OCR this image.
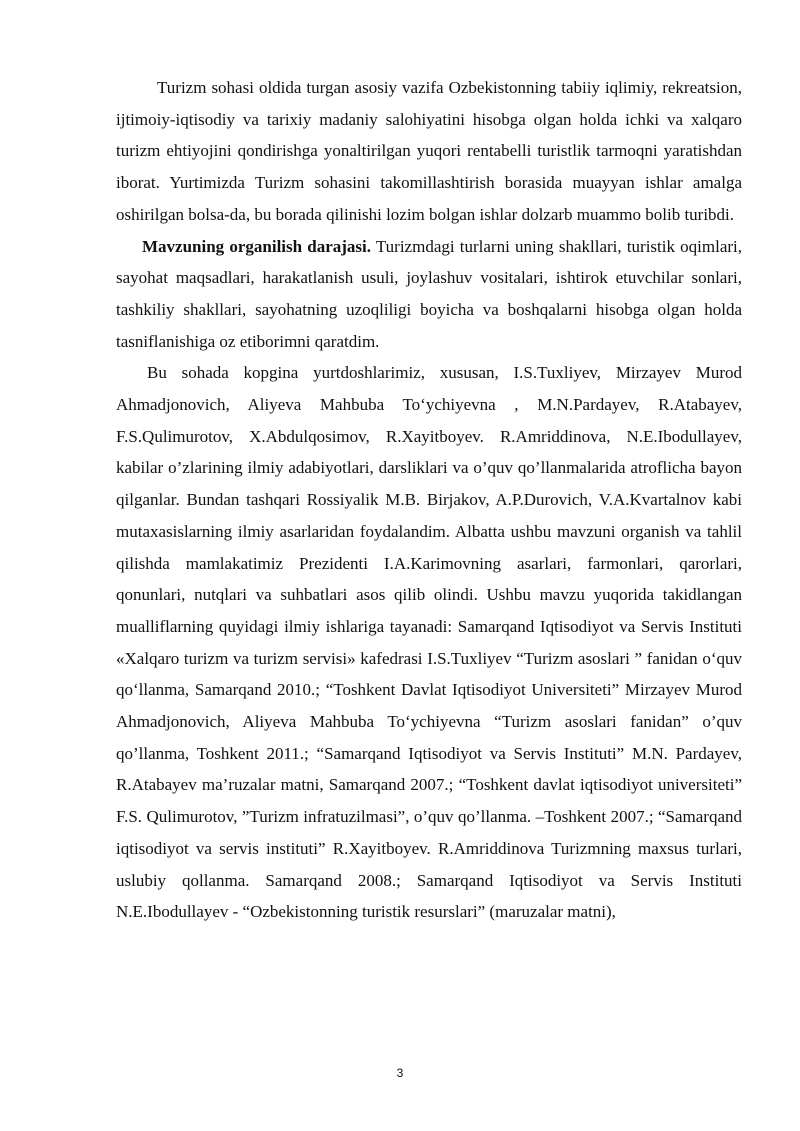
Turizm sohasi oldida turgan asosiy vazifa Ozbekistonning tabiiy iqlimiy, rekreatsion, ijtimoiy-iqtisodiy va tarixiy madaniy salohiyatini hisobga olgan holda ichki va xalqaro turizm ehtiyojini qondirishga yonaltirilgan yuqori rentabelli turistlik tarmoqni yaratishdan iborat. Yurtimizda Turizm sohasini takomillashtirish borasida muayyan ishlar amalga oshirilgan bolsa-da, bu borada qilinishi lozim bolgan ishlar dolzarb muammo bolib turibdi.

Mavzuning organilish darajasi. Turizmdagi turlarni uning shakllari, turistik oqimlari, sayohat maqsadlari, harakatlanish usuli, joylashuv vositalari, ishtirok etuvchilar sonlari, tashkiliy shakllari, sayohatning uzoqliligi boyicha va boshqalarni hisobga olgan holda tasniflanishiga oz etiborimni qaratdim.

Bu sohada kopgina yurtdoshlarimiz, xususan, I.S.Tuxliyev, Mirzayev Murod Ahmadjonovich, Aliyeva Mahbuba To‘ychiyevna , M.N.Pardayev, R.Atabayev, F.S.Qulimurotov, X.Abdulqosimov, R.Xayitboyev. R.Amriddinova, N.E.Ibodullayev, kabilar o’zlarining ilmiy adabiyotlari, darsliklari va o’quv qo’llanmalarida atroflicha bayon qilganlar. Bundan tashqari Rossiyalik M.B. Birjakov, A.P.Durovich, V.A.Kvartalnov kabi mutaxasislarning ilmiy asarlaridan foydalandim. Albatta ushbu mavzuni organish va tahlil qilishda mamlakatimiz Prezidenti I.A.Karimovning asarlari, farmonlari, qarorlari, qonunlari, nutqlari va suhbatlari asos qilib olindi. Ushbu mavzu yuqorida takidlangan mualliflarning quyidagi ilmiy ishlariga tayanadi: Samarqand Iqtisodiyot va Servis Instituti «Xalqaro turizm va turizm servisi» kafedrasi I.S.Tuxliyev “Turizm asoslari ” fanidan o‘quv qo‘llanma, Samarqand 2010.; “Toshkent Davlat Iqtisodiyot Universiteti” Mirzayev Murod Ahmadjonovich, Aliyeva Mahbuba To‘ychiyevna “Turizm asoslari fanidan” o’quv qo’llanma, Toshkent 2011.; “Samarqand Iqtisodiyot va Servis Instituti” M.N. Pardayev, R.Atabayev ma’ruzalar matni, Samarqand 2007.; “Toshkent davlat iqtisodiyot universiteti” F.S. Qulimurotov, ”Turizm infratuzilmasi”, o’quv qo’llanma. –Toshkent 2007.; “Samarqand iqtisodiyot va servis instituti” R.Xayitboyev. R.Amriddinova Turizmning maxsus turlari, uslubiy qollanma. Samarqand 2008.; Samarqand Iqtisodiyot va Servis Instituti N.E.Ibodullayev - “Ozbekistonning turistik resurslari” (maruzalar matni),

3
